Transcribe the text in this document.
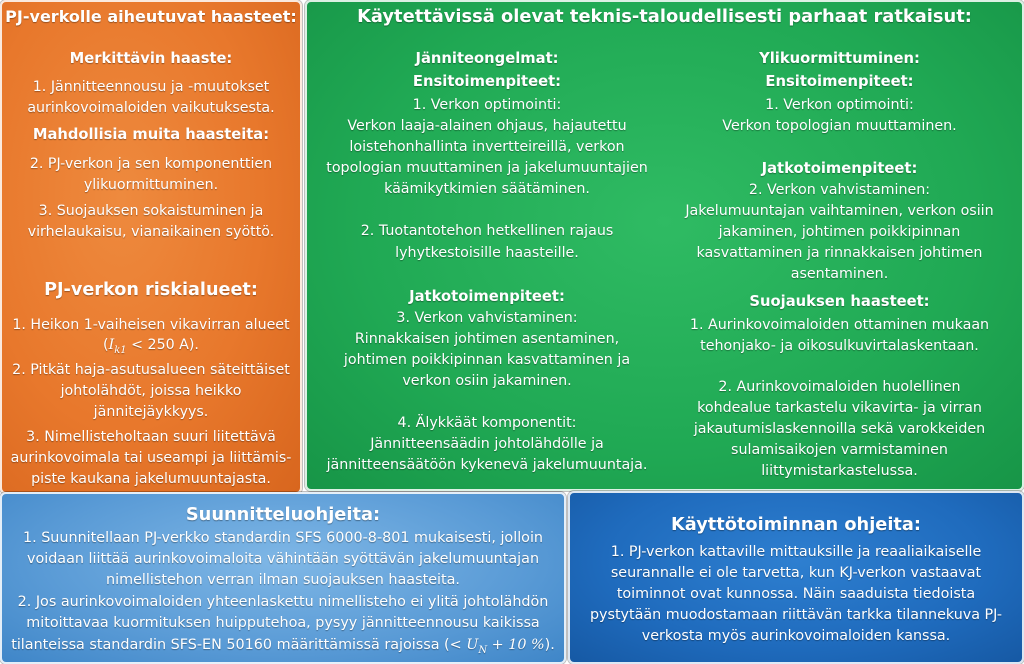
PJ-verkolle aiheutuvat haasteet:
Merkittävin haaste:
1. Jännitteennousu ja -muutokset
aurinkovoimaloiden vaikutuksesta.
Mahdollisia muita haasteita:
2. PJ-verkon ja sen komponenttien
ylikuormittuminen.
3. Suojauksen sokaistuminen ja
virhelaukaisu, vianaikainen syöttö.
PJ-verkon riskialueet:
1. Heikon 1-vaiheisen vikavirran alueet
($I_{k1} < 250$ A).
2. Pitkät haja-asutusalueen säteittäiset
johtolähdöt, joissa heikko
jännitejäykkyys.
3. Nimellisteholtaan suuri liitettävä
aurinkovoimala tai useampi ja liittämis-
piste kaukana jakelumuuntajasta.
Käytettävissä olevat teknis-taloudellisesti parhaat ratkaisut:
Jänniteongelmat:
Ensitoimenpiteet:
1. Verkon optimointi:
Verkon laaja-alainen ohjaus, hajautettu
loistehonhallinta invertteireillä, verkon
topologian muuttaminen ja jakelumuuntajien
käämikytkimien säätäminen.
2. Tuotantotehon hetkellinen rajaus
lyhytkestoisille haasteille.
Jatkotoimenpiteet:
3. Verkon vahvistaminen:
Rinnakkaisen johtimen asentaminen,
johtimen poikkipinnan kasvattaminen ja
verkon osiin jakaminen.
4. Älykkäät komponentit:
Jännitteensäädin johtolähdölle ja
jännitteensäätöön kykenevä jakelumuuntaja.
Ylikuormittuminen:
Ensitoimenpiteet:
1. Verkon optimointi:
Verkon topologian muuttaminen.
Jatkotoimenpiteet:
2. Verkon vahvistaminen:
Jakelumuuntajan vaihtaminen, verkon osiin
jakaminen, johtimen poikkipinnan
kasvattaminen ja rinnakkaisen johtimen
asentaminen.
Suojauksen haasteet:
1. Aurinkovoimaloiden ottaminen mukaan
tehonjako- ja oikosulkuvirtalaskentaan.
2. Aurinkovoimaloiden huolellinen
kohdealue tarkastelu vikavirta- ja virran
jakautumislaskennoilla sekä varokkeiden
sulamisaikojen varmistaminen
liittymistarkastelussa.
Suunnitteluohjeita:
1. Suunnitellaan PJ-verkko standardin SFS 6000-8-801 mukaisesti, jolloin
voidaan liittää aurinkovoimaloita vähintään syöttävän jakelumuuntajan
nimellistehon verran ilman suojauksen haasteita.
2. Jos aurinkovoimaloiden yhteenlaskettu nimellisteho ei ylitä johtolähdön
mitoittavaa kuormituksen huipputehoa, pysyy jännitteennousu kaikissa
tilanteissa standardin SFS-EN 50160 määrittämissä rajoissa (< $U_N + 10$ %).
Käyttötoiminnan ohjeita:
1. PJ-verkon kattaville mittauksille ja reaaliaikaiselle
seurannalle ei ole tarvetta, kun KJ-verkon vastaavat
toiminnot ovat kunnossa. Näin saaduista tiedoista
pystytään muodostamaan riittävän tarkka tilannekuva PJ-
verkosta myös aurinkovoimaloiden kanssa.
